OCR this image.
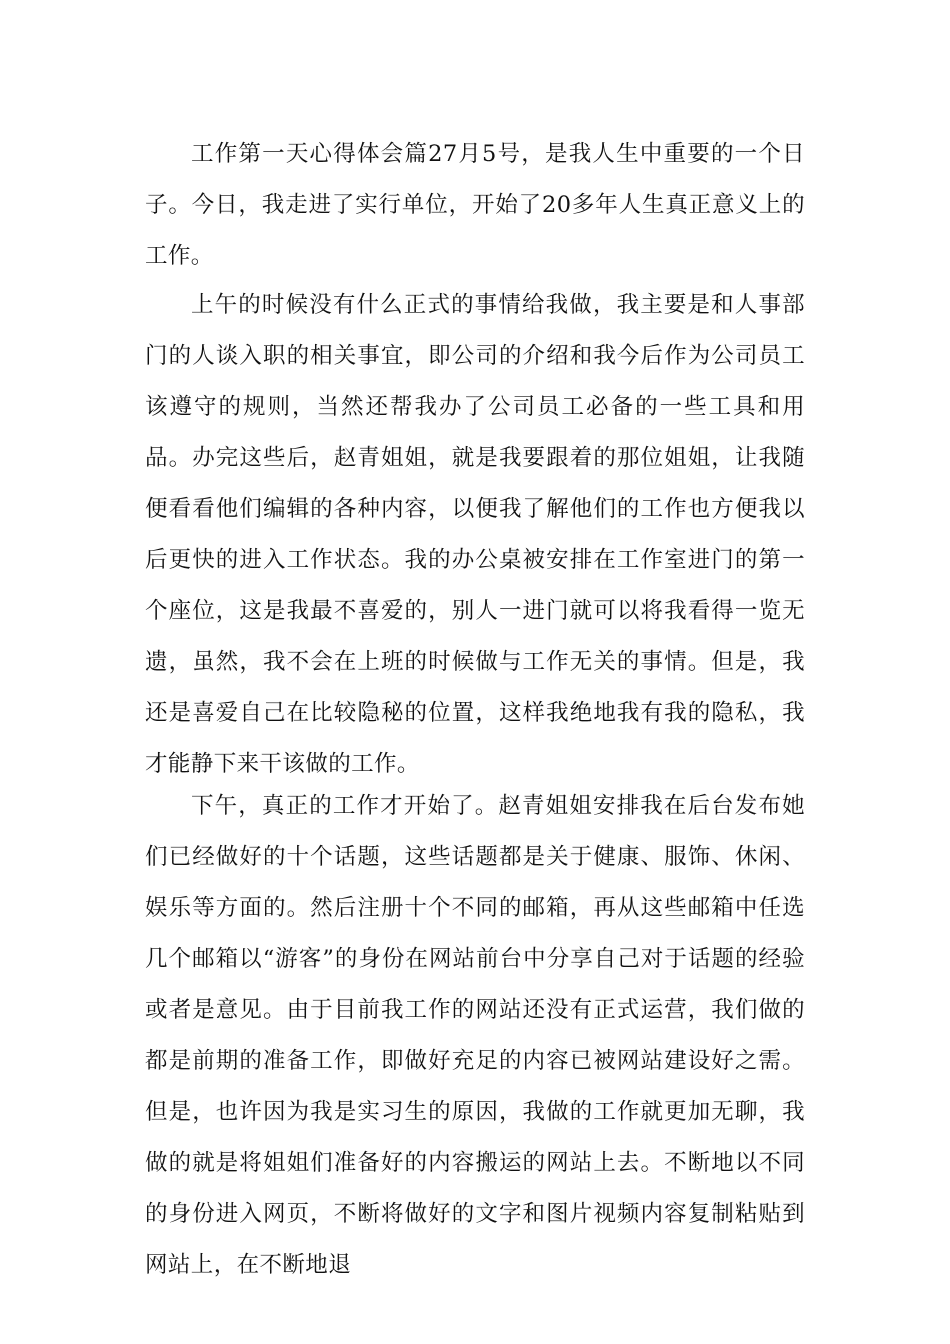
工作第一天心得体会篇27月5号，是我人生中重要的一个日子。今日，我走进了实行单位，开始了20多年人生真正意义上的工作。

上午的时候没有什么正式的事情给我做，我主要是和人事部门的人谈入职的相关事宜，即公司的介绍和我今后作为公司员工该遵守的规则，当然还帮我办了公司员工必备的一些工具和用品。办完这些后，赵青姐姐，就是我要跟着的那位姐姐，让我随便看看他们编辑的各种内容，以便我了解他们的工作也方便我以后更快的进入工作状态。我的办公桌被安排在工作室进门的第一个座位，这是我最不喜爱的，别人一进门就可以将我看得一览无遗，虽然，我不会在上班的时候做与工作无关的事情。但是，我还是喜爱自己在比较隐秘的位置，这样我绝地我有我的隐私，我才能静下来干该做的工作。

下午，真正的工作才开始了。赵青姐姐安排我在后台发布她们已经做好的十个话题，这些话题都是关于健康、服饰、休闲、娱乐等方面的。然后注册十个不同的邮箱，再从这些邮箱中任选几个邮箱以“游客”的身份在网站前台中分享自己对于话题的经验或者是意见。由于目前我工作的网站还没有正式运营，我们做的都是前期的准备工作，即做好充足的内容已被网站建设好之需。但是，也许因为我是实习生的原因，我做的工作就更加无聊，我做的就是将姐姐们准备好的内容搬运的网站上去。不断地以不同的身份进入网页，不断将做好的文字和图片视频内容复制粘贴到网站上，在不断地退
